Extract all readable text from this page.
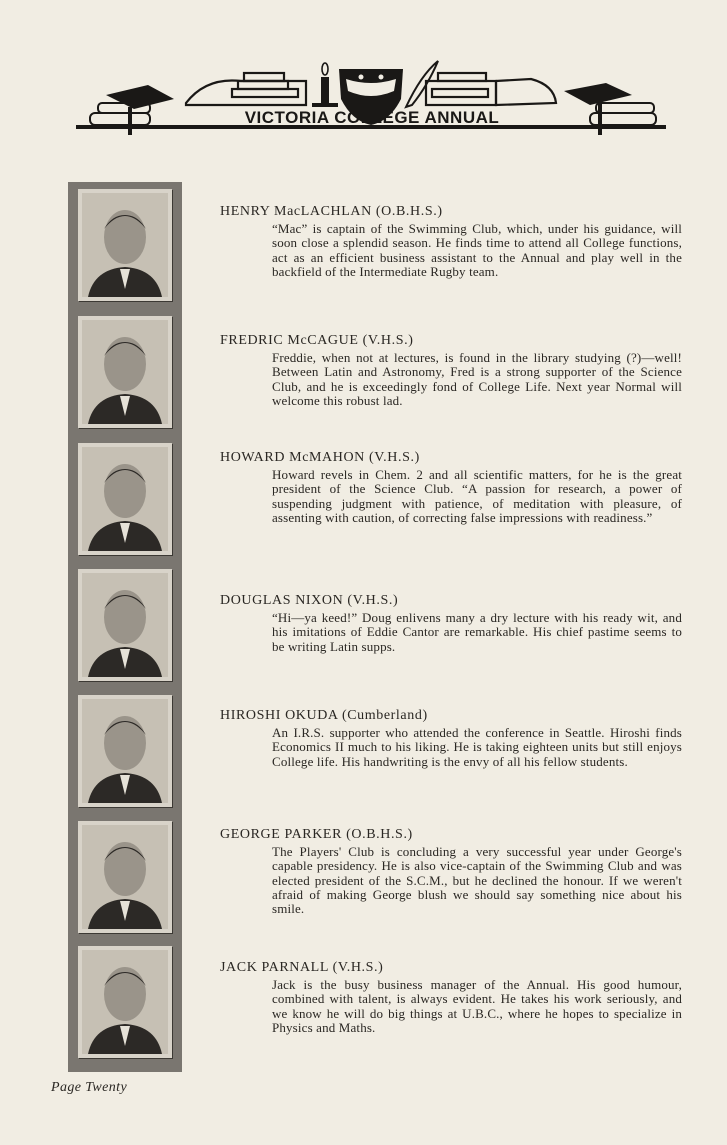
VICTORIA COLLEGE ANNUAL
HENRY MacLACHLAN (O.B.H.S.)
“Mac” is captain of the Swimming Club, which, under his guidance, will soon close a splendid season. He finds time to attend all College functions, act as an efficient business assistant to the Annual and play well in the backfield of the Intermediate Rugby team.
FREDRIC McCAGUE (V.H.S.)
Freddie, when not at lectures, is found in the library studying (?)—well! Between Latin and Astronomy, Fred is a strong supporter of the Science Club, and he is exceedingly fond of College Life. Next year Normal will welcome this robust lad.
HOWARD McMAHON (V.H.S.)
Howard revels in Chem. 2 and all scientific matters, for he is the great president of the Science Club. “A passion for research, a power of suspending judgment with patience, of meditation with pleasure, of assenting with caution, of correcting false impressions with readiness.”
DOUGLAS NIXON (V.H.S.)
“Hi—ya keed!” Doug enlivens many a dry lecture with his ready wit, and his imitations of Eddie Cantor are remarkable. His chief pastime seems to be writing Latin supps.
HIROSHI OKUDA (Cumberland)
An I.R.S. supporter who attended the conference in Seattle. Hiroshi finds Economics II much to his liking. He is taking eighteen units but still enjoys College life. His handwriting is the envy of all his fellow students.
GEORGE PARKER (O.B.H.S.)
The Players' Club is concluding a very successful year under George's capable presidency. He is also vice-captain of the Swimming Club and was elected president of the S.C.M., but he declined the honour. If we weren't afraid of making George blush we should say something nice about his smile.
JACK PARNALL (V.H.S.)
Jack is the busy business manager of the Annual. His good humour, combined with talent, is always evident. He takes his work seriously, and we know he will do big things at U.B.C., where he hopes to specialize in Physics and Maths.
Page Twenty
